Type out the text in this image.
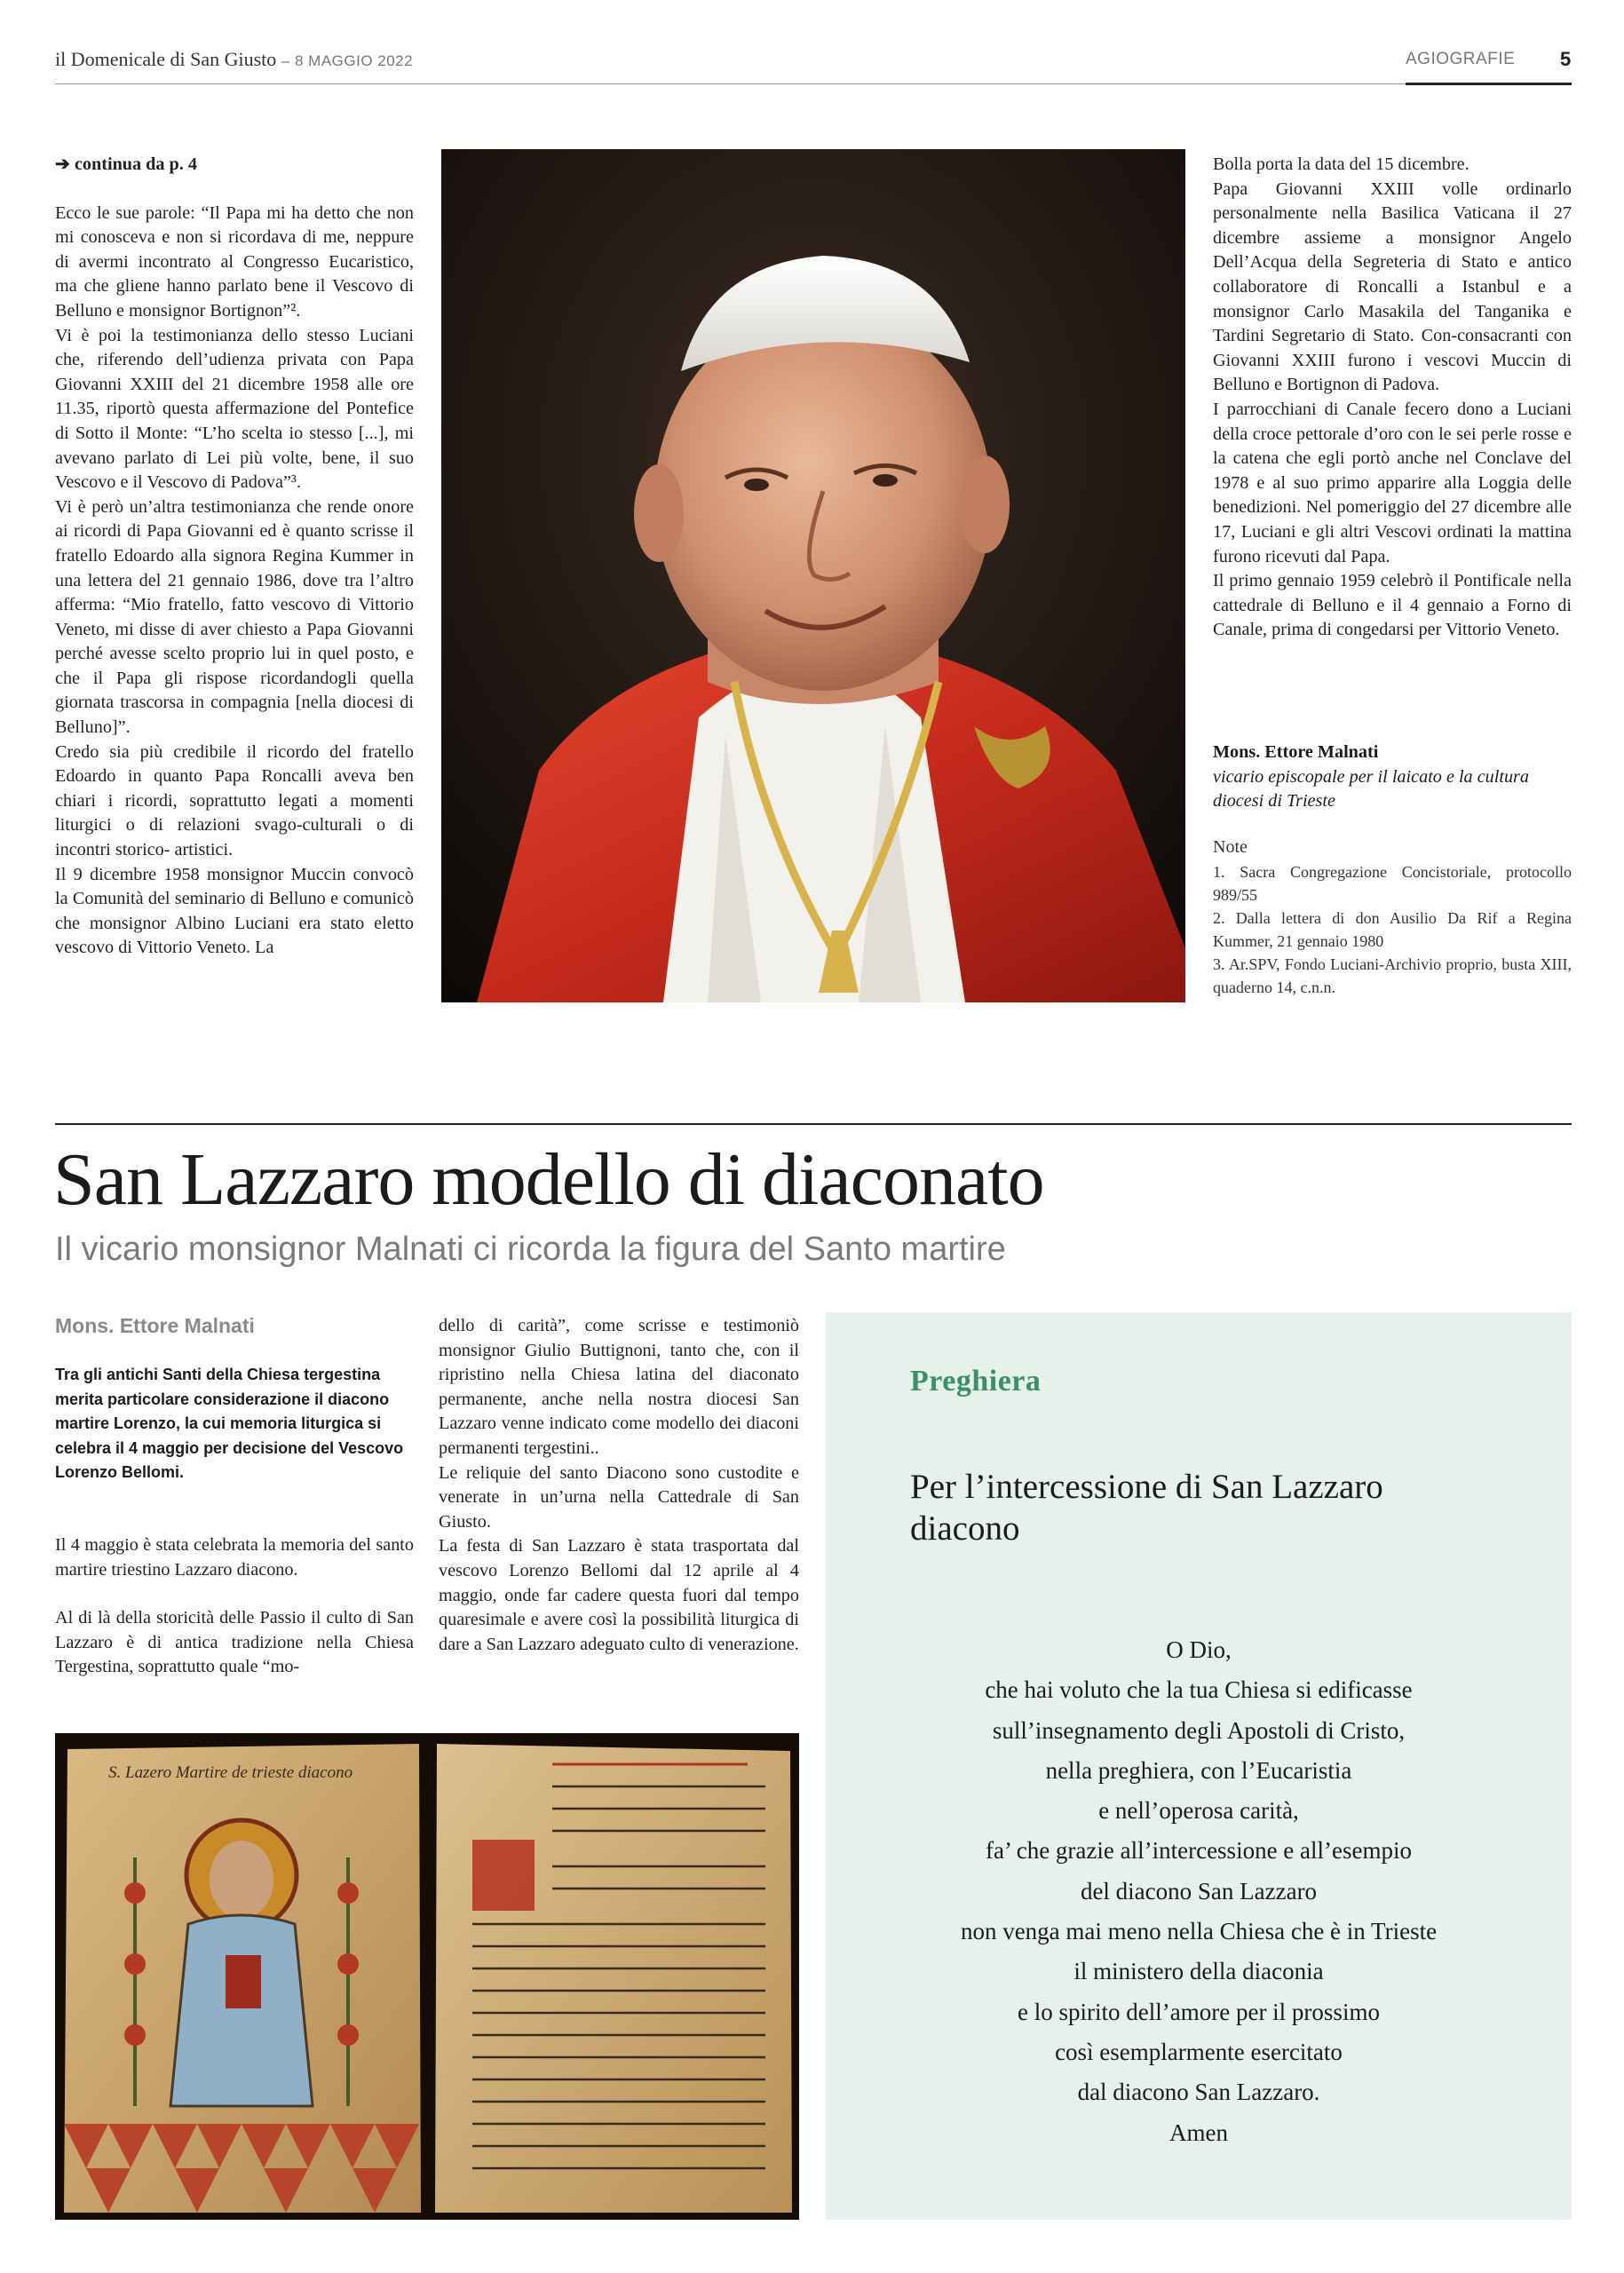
il Domenicale di San Giusto – 8 MAGGIO 2022	AGIOGRAFIE 5

➔ continua da p. 4

Ecco le sue parole: “Il Papa mi ha detto che non mi conosceva e non si ricordava di me, neppure di avermi incontrato al Congresso Eucaristico, ma che gliene hanno parlato bene il Vescovo di Belluno e monsignor Bortignon”².

Vi è poi la testimonianza dello stesso Luciani che, riferendo dell’udienza privata con Papa Giovanni XXIII del 21 dicembre 1958 alle ore 11.35, riportò questa affermazione del Pontefice di Sotto il Monte: “L’ho scelta io stesso [...], mi avevano parlato di Lei più volte, bene, il suo Vescovo e il Vescovo di Padova”³.

Vi è però un’altra testimonianza che rende onore ai ricordi di Papa Giovanni ed è quanto scrisse il fratello Edoardo alla signora Regina Kummer in una lettera del 21 gennaio 1986, dove tra l’altro afferma: “Mio fratello, fatto vescovo di Vittorio Veneto, mi disse di aver chiesto a Papa Giovanni perché avesse scelto proprio lui in quel posto, e che il Papa gli rispose ricordandogli quella giornata trascorsa in compagnia [nella diocesi di Belluno]”.

Credo sia più credibile il ricordo del fratello Edoardo in quanto Papa Roncalli aveva ben chiari i ricordi, soprattutto legati a momenti liturgici o di relazioni svago-culturali o di incontri storico- artistici.

Il 9 dicembre 1958 monsignor Muccin convocò la Comunità del seminario di Belluno e comunicò che monsignor Albino Luciani era stato eletto vescovo di Vittorio Veneto. La

Bolla porta la data del 15 dicembre.

Papa Giovanni XXIII volle ordinarlo personalmente nella Basilica Vaticana il 27 dicembre assieme a monsignor Angelo Dell’Acqua della Segreteria di Stato e antico collaboratore di Roncalli a Istanbul e a monsignor Carlo Masakila del Tanganika e Tardini Segretario di Stato. Con-consacranti con Giovanni XXIII furono i vescovi Muccin di Belluno e Bortignon di Padova.

I parrocchiani di Canale fecero dono a Luciani della croce pettorale d’oro con le sei perle rosse e la catena che egli portò anche nel Conclave del 1978 e al suo primo apparire alla Loggia delle benedizioni. Nel pomeriggio del 27 dicembre alle 17, Luciani e gli altri Vescovi ordinati la mattina furono ricevuti dal Papa.

Il primo gennaio 1959 celebrò il Pontificale nella cattedrale di Belluno e il 4 gennaio a Forno di Canale, prima di congedarsi per Vittorio Veneto.

Mons. Ettore Malnati
vicario episcopale per il laicato e la cultura
diocesi di Trieste

Note

1. Sacra Congregazione Concistoriale, protocollo 989/55

2. Dalla lettera di don Ausilio Da Rif a Regina Kummer, 21 gennaio 1980

3. Ar.SPV, Fondo Luciani-Archivio proprio, busta XIII, quaderno 14, c.n.n.

San Lazzaro modello di diaconato
Il vicario monsignor Malnati ci ricorda la figura del Santo martire
Mons. Ettore Malnati
Tra gli antichi Santi della Chiesa tergestina merita particolare considerazione il diacono martire Lorenzo, la cui memoria liturgica si celebra il 4 maggio per decisione del Vescovo Lorenzo Bellomi.

Il 4 maggio è stata celebrata la memoria del santo martire triestino Lazzaro diacono.

Al di là della storicità delle Passio il culto di San Lazzaro è di antica tradizione nella Chiesa Tergestina, soprattutto quale “mo-

dello di carità”, come scrisse e testimoniò monsignor Giulio Buttignoni, tanto che, con il ripristino nella Chiesa latina del diaconato permanente, anche nella nostra diocesi San Lazzaro venne indicato come modello dei diaconi permanenti tergestini..

Le reliquie del santo Diacono sono custodite e venerate in un’urna nella Cattedrale di San Giusto.

La festa di San Lazzaro è stata trasportata dal vescovo Lorenzo Bellomi dal 12 aprile al 4 maggio, onde far cadere questa fuori dal tempo quaresimale e avere così la possibilità liturgica di dare a San Lazzaro adeguato culto di venerazione.

S. Lazero Martire de trieste diacono
Preghiera
Per l’intercessione di San Lazzaro diacono
O Dio,
che hai voluto che la tua Chiesa si edificasse
sull’insegnamento degli Apostoli di Cristo,
nella preghiera, con l’Eucaristia
e nell’operosa carità,
fa’ che grazie all’intercessione e all’esempio
del diacono San Lazzaro
non venga mai meno nella Chiesa che è in Trieste
il ministero della diaconia
e lo spirito dell’amore per il prossimo
così esemplarmente esercitato
dal diacono San Lazzaro.
Amen
